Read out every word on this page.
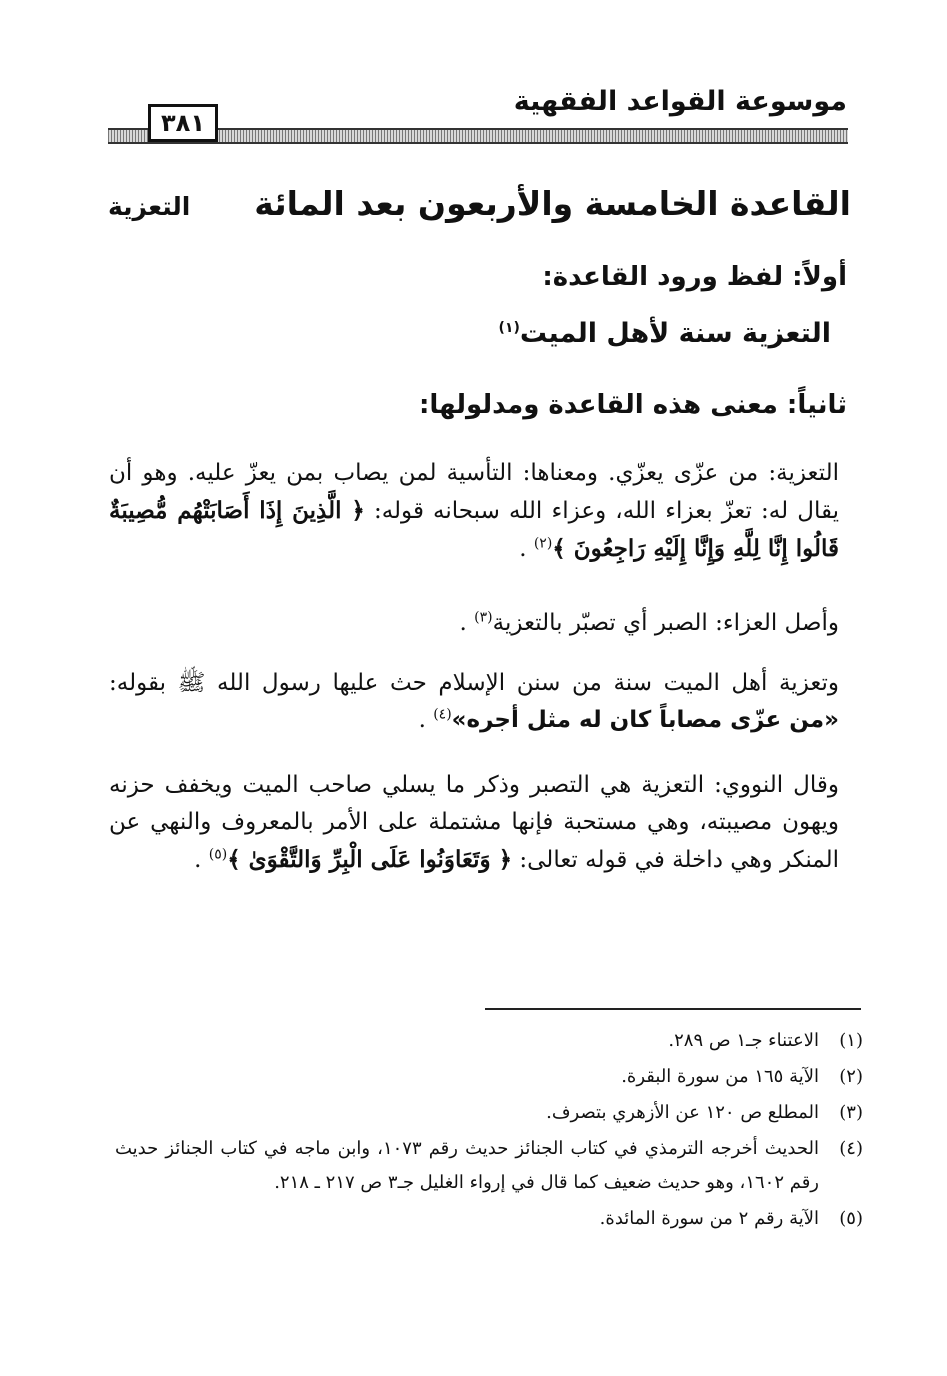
موسوعة القواعد الفقهية
٣٨١
القاعدة الخامسة والأربعون بعد المائة
التعزية
أولاً: لفظ ورود القاعدة:
التعزية سنة لأهل الميت$^{(١)}$
ثانياً: معنى هذه القاعدة ومدلولها:
التعزية: من عزّى يعزّي. ومعناها: التأسية لمن يصاب بمن يعزّ عليه. وهو أن يقال له: تعزّ بعزاء الله، وعزاء الله سبحانه قوله: ﴿ الَّذِينَ إِذَا أَصَابَتْهُم مُّصِيبَةٌ قَالُوا إِنَّا لِلَّهِ وَإِنَّا إِلَيْهِ رَاجِعُونَ ﴾$^{(٢)}$ .
وأصل العزاء: الصبر أي تصبّر بالتعزية$^{(٣)}$ .
وتعزية أهل الميت سنة من سنن الإسلام حث عليها رسول الله ﷺ بقوله: «من عزّى مصاباً كان له مثل أجره»$^{(٤)}$ .
وقال النووي: التعزية هي التصبر وذكر ما يسلي صاحب الميت ويخفف حزنه ويهون مصيبته، وهي مستحبة فإنها مشتملة على الأمر بالمعروف والنهي عن المنكر وهي داخلة في قوله تعالى: ﴿ وَتَعَاوَنُوا عَلَى الْبِرِّ وَالتَّقْوَىٰ ﴾$^{(٥)}$ .
(١)
الاعتناء جـ١ ص ٢٨٩.
(٢)
الآية ١٦٥ من سورة البقرة.
(٣)
المطلع ص ١٢٠ عن الأزهري بتصرف.
(٤)
الحديث أخرجه الترمذي في كتاب الجنائز حديث رقم ١٠٧٣، وابن ماجه في كتاب الجنائز حديث رقم ١٦٠٢، وهو حديث ضعيف كما قال في إرواء الغليل جـ٣ ص ٢١٧ ـ ٢١٨.
(٥)
الآية رقم ٢ من سورة المائدة.
